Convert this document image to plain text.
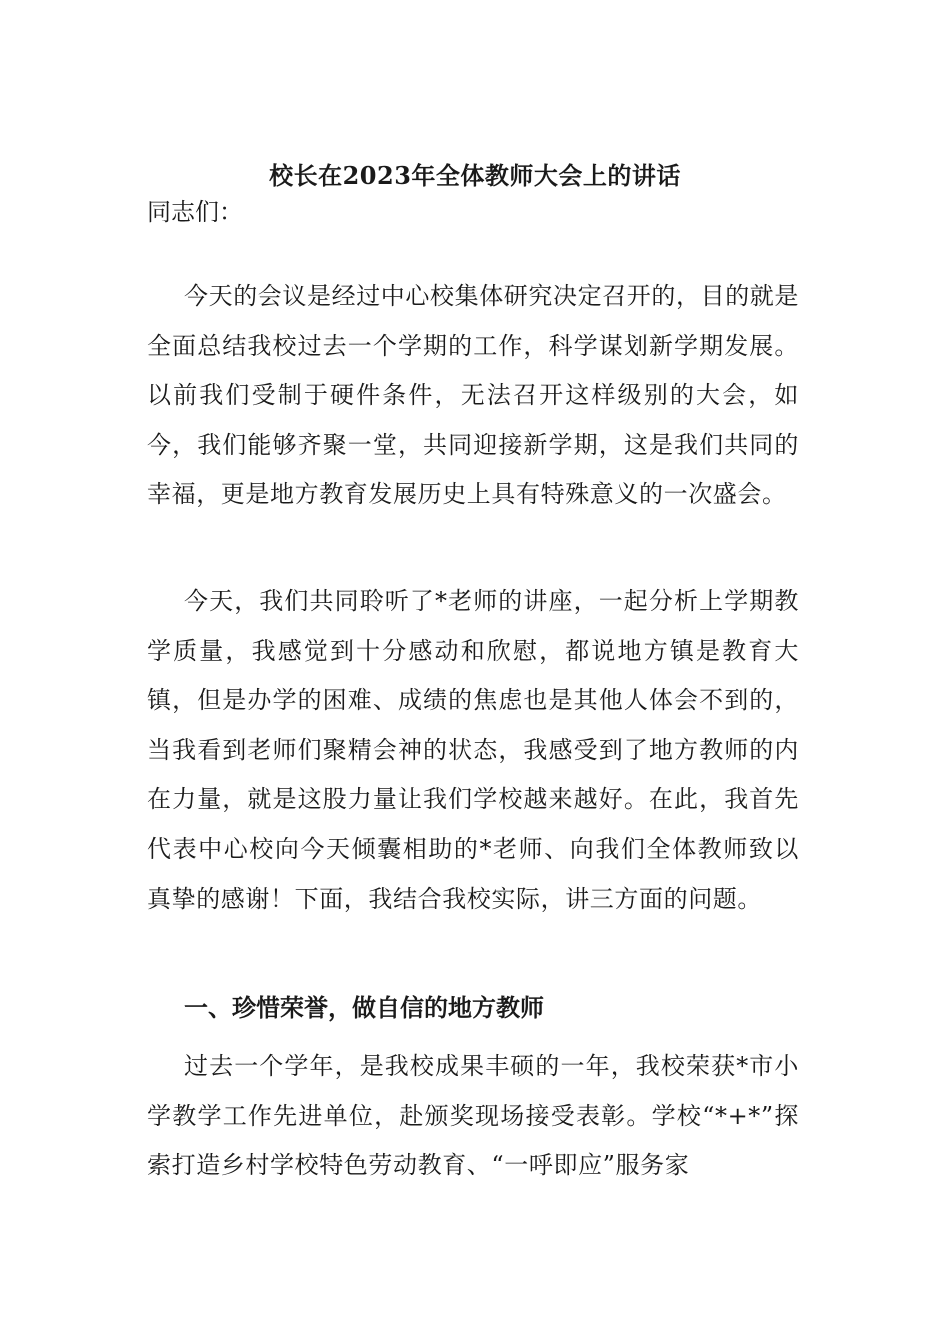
校长在2023年全体教师大会上的讲话
同志们：

今天的会议是经过中心校集体研究决定召开的，目的就是全面总结我校过去一个学期的工作，科学谋划新学期发展。以前我们受制于硬件条件，无法召开这样级别的大会，如今，我们能够齐聚一堂，共同迎接新学期，这是我们共同的幸福，更是地方教育发展历史上具有特殊意义的一次盛会。

今天，我们共同聆听了*老师的讲座，一起分析上学期教学质量，我感觉到十分感动和欣慰，都说地方镇是教育大镇，但是办学的困难、成绩的焦虑也是其他人体会不到的，当我看到老师们聚精会神的状态，我感受到了地方教师的内在力量，就是这股力量让我们学校越来越好。在此，我首先代表中心校向今天倾囊相助的*老师、向我们全体教师致以真挚的感谢！下面，我结合我校实际，讲三方面的问题。

一、珍惜荣誉，做自信的地方教师

过去一个学年，是我校成果丰硕的一年，我校荣获*市小学教学工作先进单位，赴颁奖现场接受表彰。学校“*+*”探索打造乡村学校特色劳动教育、“一呼即应”服务家
